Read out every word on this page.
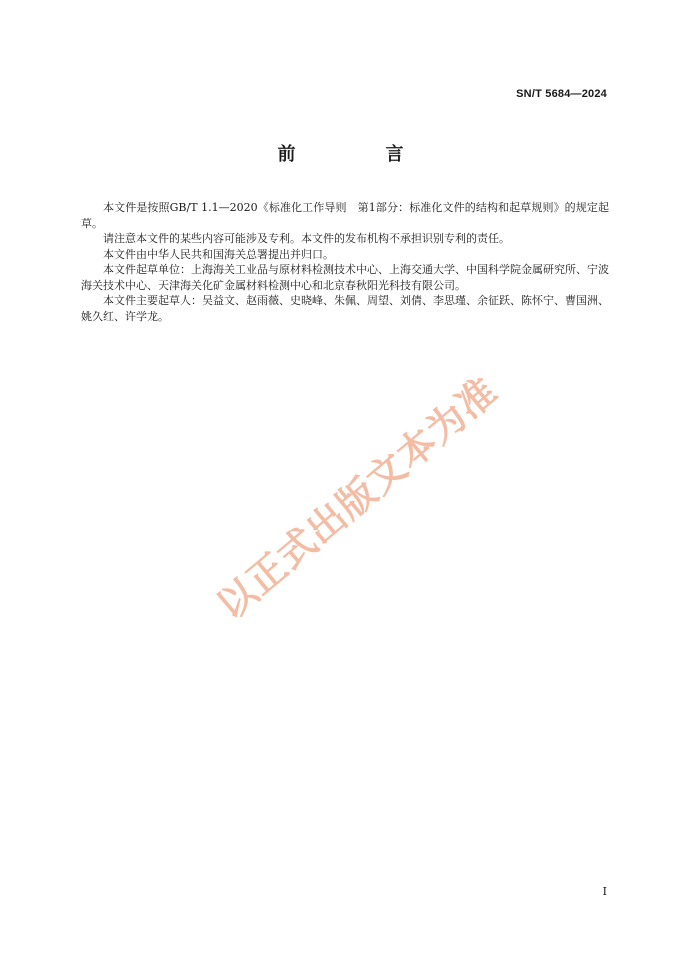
SN/T 5684—2024
前　言

本文件是按照GB/T 1.1—2020《标准化工作导则　第1部分：标准化文件的结构和起草规则》的规定起草。

请注意本文件的某些内容可能涉及专利。本文件的发布机构不承担识别专利的责任。

本文件由中华人民共和国海关总署提出并归口。

本文件起草单位：上海海关工业品与原材料检测技术中心、上海交通大学、中国科学院金属研究所、宁波海关技术中心、天津海关化矿金属材料检测中心和北京春秋阳光科技有限公司。

本文件主要起草人：吴益文、赵雨薇、史晓峰、朱佩、周望、刘倩、李思瑾、余征跃、陈怀宁、曹国洲、姚久红、许学龙。

以正式出版文本为准
I
